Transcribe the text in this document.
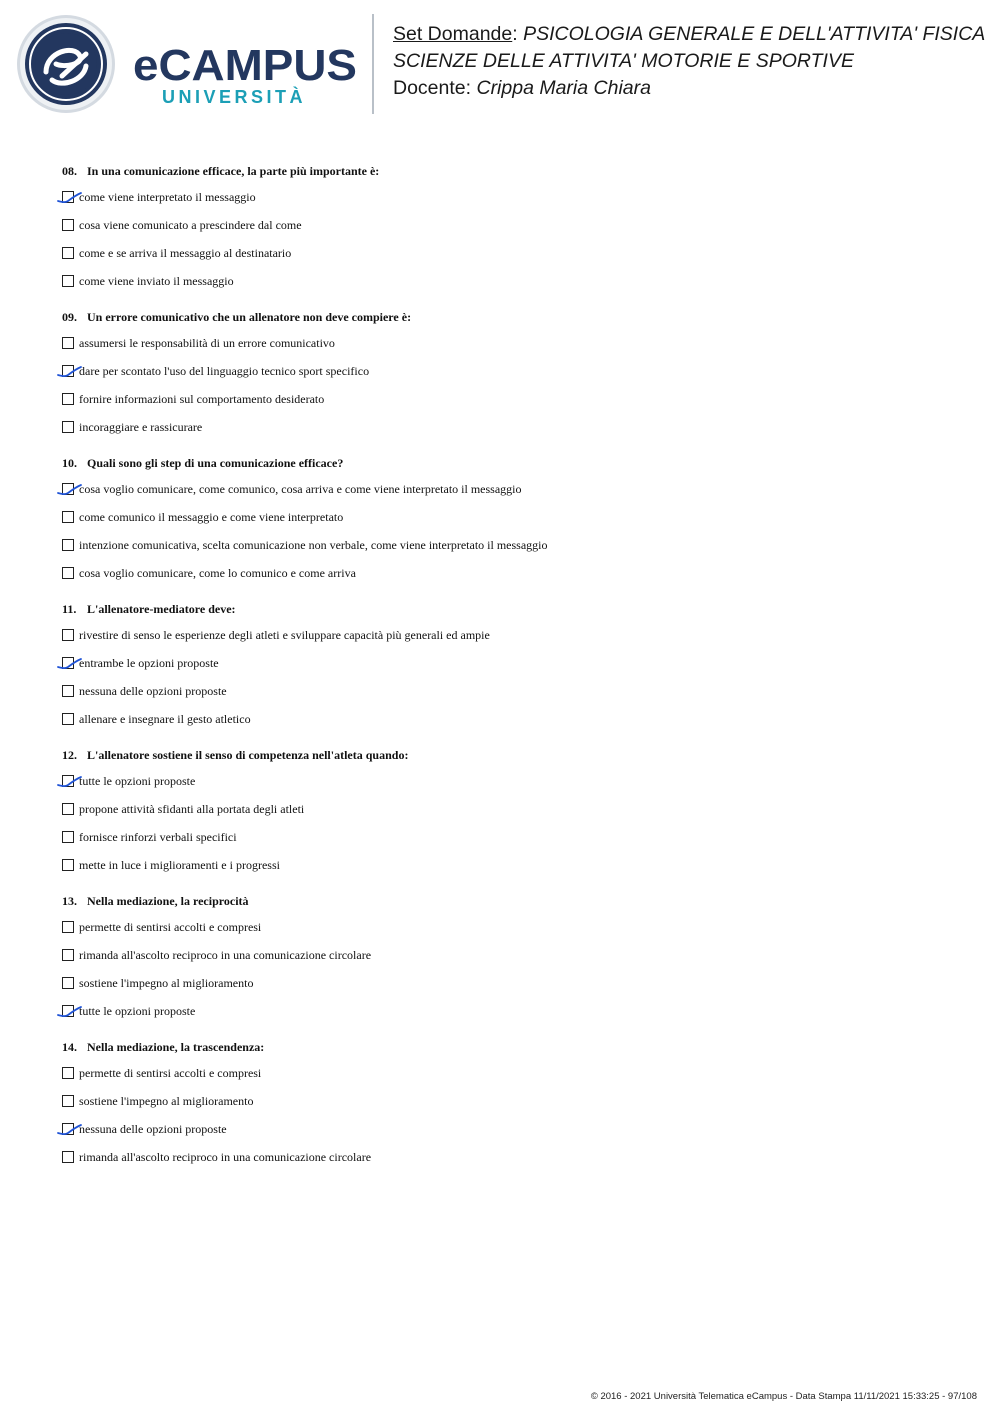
eCAMPUS
UNIVERSITÀ
Set Domande: PSICOLOGIA GENERALE E DELL'ATTIVITA' FISICA
SCIENZE DELLE ATTIVITA' MOTORIE E SPORTIVE
Docente: Crippa Maria Chiara
08. In una comunicazione efficace, la parte più importante è:
come viene interpretato il messaggio
cosa viene comunicato a prescindere dal come
come e se arriva il messaggio al destinatario
come viene inviato il messaggio
09. Un errore comunicativo che un allenatore non deve compiere è:
assumersi le responsabilità di un errore comunicativo
dare per scontato l'uso del linguaggio tecnico sport specifico
fornire informazioni sul comportamento desiderato
incoraggiare e rassicurare
10. Quali sono gli step di una comunicazione efficace?
cosa voglio comunicare, come comunico, cosa arriva e come viene interpretato il messaggio
come comunico il messaggio e come viene interpretato
intenzione comunicativa, scelta comunicazione non verbale, come viene interpretato il messaggio
cosa voglio comunicare, come lo comunico e come arriva
11. L'allenatore-mediatore deve:
rivestire di senso le esperienze degli atleti e sviluppare capacità più generali ed ampie
entrambe le opzioni proposte
nessuna delle opzioni proposte
allenare e insegnare il gesto atletico
12. L'allenatore sostiene il senso di competenza nell'atleta quando:
tutte le opzioni proposte
propone attività sfidanti alla portata degli atleti
fornisce rinforzi verbali specifici
mette in luce i miglioramenti e i progressi
13. Nella mediazione, la reciprocità
permette di sentirsi accolti e compresi
rimanda all'ascolto reciproco in una comunicazione circolare
sostiene l'impegno al miglioramento
tutte le opzioni proposte
14. Nella mediazione, la trascendenza:
permette di sentirsi accolti e compresi
sostiene l'impegno al miglioramento
nessuna delle opzioni proposte
rimanda all'ascolto reciproco in una comunicazione circolare
© 2016 - 2021 Università Telematica eCampus - Data Stampa 11/11/2021 15:33:25 - 97/108
